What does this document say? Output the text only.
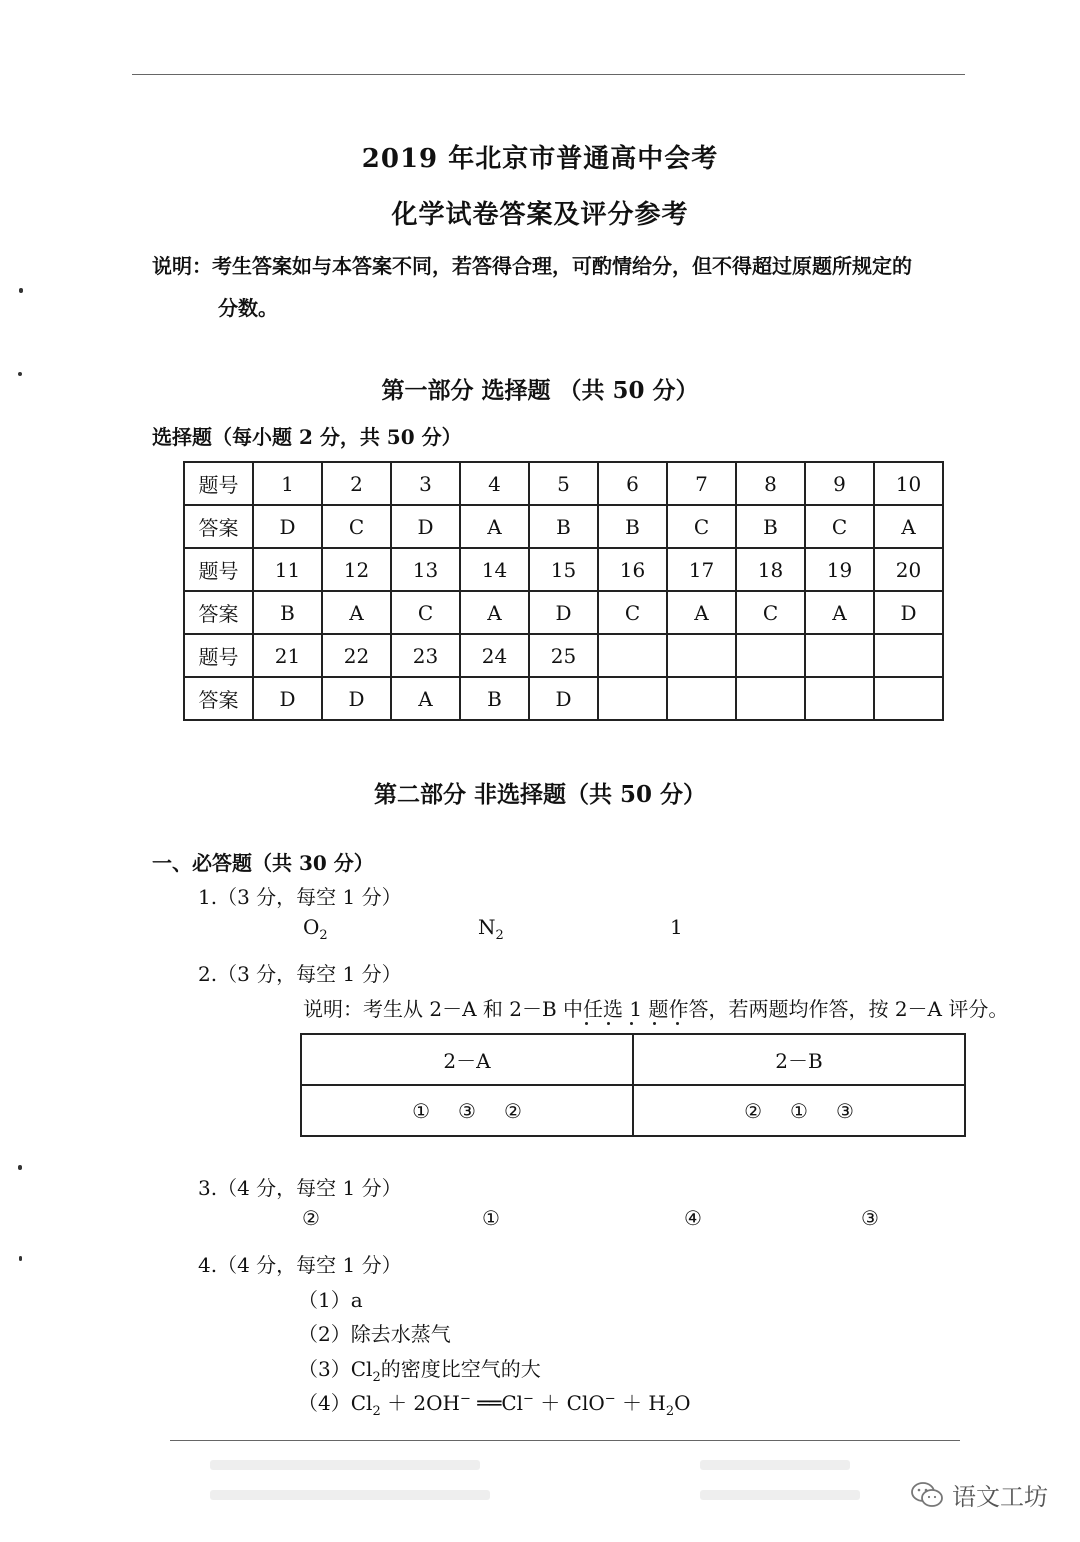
2019 年北京市普通高中会考
化学试卷答案及评分参考
说明：考生答案如与本答案不同，若答得合理，可酌情给分，但不得超过原题所规定的
分数。
第一部分 选择题 （共 50 分）
选择题（每小题 2 分，共 50 分）
题号	1	2	3	4	5	6	7	8	9	10
答案	D	C	D	A	B	B	C	B	C	A
题号	11	12	13	14	15	16	17	18	19	20
答案	B	A	C	A	D	C	A	C	A	D
题号	21	22	23	24	25					
答案	D	D	A	B	D					
第二部分 非选择题（共 50 分）
一、必答题（共 30 分）
1.（3 分，每空 1 分）
$O_2$	$N_2$	1
2.（3 分，每空 1 分）
说明：考生从 2－A 和 2－B 中任选 1 题作答，若两题均作答，按 2－A 评分。
2－A	2－B
① ③ ②	② ① ③
3.（4 分，每空 1 分）
②	①	④	③
4.（4 分，每空 1 分）
（1）a
（2）除去水蒸气
$(3)Cl_2$的密度比空气的大
$(4)Cl_2 + 2OH^-$ ══Cl− ＋ $ClO^- + H_2O$
语文工坊
